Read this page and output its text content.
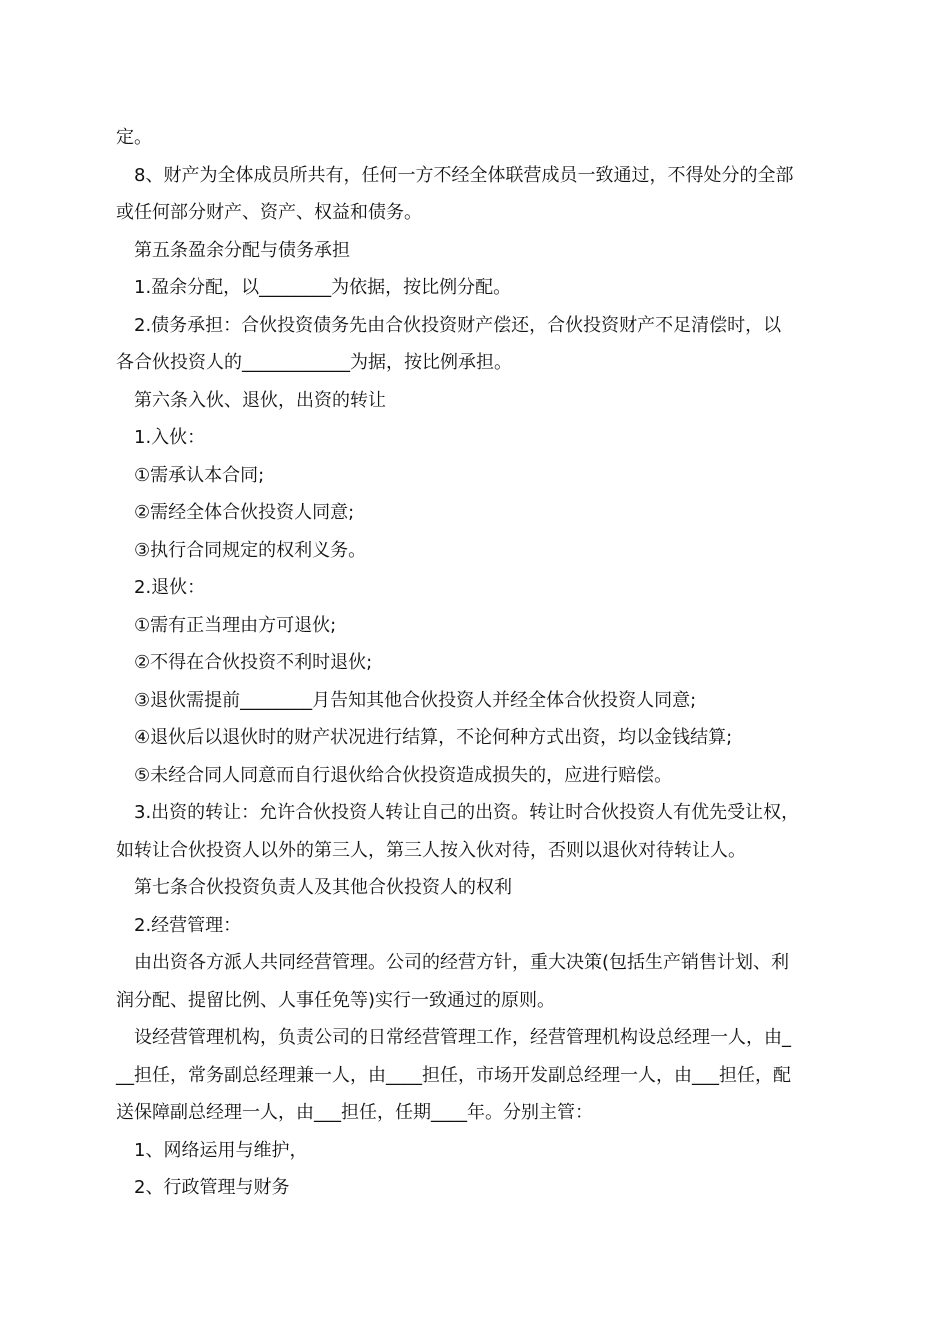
定。
8、财产为全体成员所共有，任何一方不经全体联营成员一致通过，不得处分的全部
或任何部分财产、资产、权益和债务。
第五条盈余分配与债务承担
1.盈余分配，以________为依据，按比例分配。
2.债务承担：合伙投资债务先由合伙投资财产偿还，合伙投资财产不足清偿时，以
各合伙投资人的____________为据，按比例承担。
第六条入伙、退伙，出资的转让
1.入伙：
①需承认本合同;
②需经全体合伙投资人同意;
③执行合同规定的权利义务。
2.退伙：
①需有正当理由方可退伙;
②不得在合伙投资不利时退伙;
③退伙需提前________月告知其他合伙投资人并经全体合伙投资人同意;
④退伙后以退伙时的财产状况进行结算，不论何种方式出资，均以金钱结算;
⑤未经合同人同意而自行退伙给合伙投资造成损失的，应进行赔偿。
3.出资的转让：允许合伙投资人转让自己的出资。转让时合伙投资人有优先受让权，
如转让合伙投资人以外的第三人，第三人按入伙对待，否则以退伙对待转让人。
第七条合伙投资负责人及其他合伙投资人的权利
2.经营管理：
由出资各方派人共同经营管理。公司的经营方针，重大决策(包括生产销售计划、利
润分配、提留比例、人事任免等)实行一致通过的原则。
设经营管理机构，负责公司的日常经营管理工作，经营管理机构设总经理一人，由_
__担任，常务副总经理兼一人，由____担任，市场开发副总经理一人，由___担任，配
送保障副总经理一人，由___担任，任期____年。分别主管：
1、网络运用与维护，
2、行政管理与财务
